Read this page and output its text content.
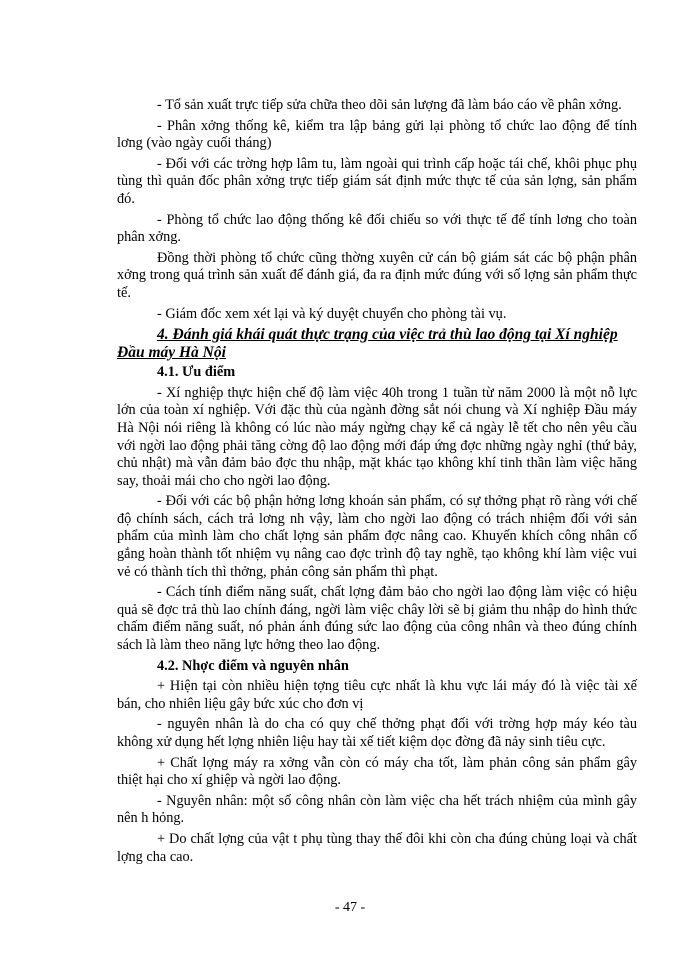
- Tổ sản xuất trực tiếp sửa chữa theo dõi sản lượng đã làm báo cáo về phân xởng.

- Phân xởng thống kê, kiểm tra lập bảng gửi lại phòng tổ chức lao động để tính lơng (vào ngày cuối tháng)

- Đối với các trờng hợp lâm tu, làm ngoài qui trình cấp hoặc tái chế, khôi phục phụ tùng thì quản đốc phân xởng trực tiếp giám sát định mức thực tế của sản lợng, sản phẩm đó.

- Phòng tổ chức lao động thống kê đối chiếu so với thực tế để tính lơng cho toàn phân xởng.

Đồng thời phòng tổ chức cũng thờng xuyên cử cán bộ giám sát các bộ phận phân xởng trong quá trình sản xuất để đánh giá, đa ra định mức đúng với số lợng sản phẩm thực tế.

- Giám đốc xem xét lại và ký duyệt chuyển cho phòng tài vụ.

4. Đánh giá khái quát thực trạng của việc trả thù lao động tại Xí nghiệp Đầu máy Hà Nội
4.1. Ưu điểm

- Xí nghiệp thực hiện chế độ làm việc 40h trong 1 tuần từ năm 2000 là một nỗ lực lớn của toàn xí nghiệp. Với đặc thù của ngành đờng sắt nói chung và Xí nghiệp Đầu máy Hà Nội nói riêng là không có lúc nào máy ngừng chạy kể cả ngày lễ tết cho nên yêu cầu với ngời lao động phải tăng cờng độ lao động mới đáp ứng đợc những ngày nghỉ (thứ bảy, chủ nhật) mà vẫn đảm bảo đợc thu nhập, mặt khác tạo không khí tinh thần làm việc hăng say, thoải mái cho cho ngời lao động.

- Đối với các bộ phận hởng lơng khoán sản phẩm, có sự thởng phạt rõ ràng với chế độ chính sách, cách trả lơng nh vậy, làm cho ngời lao động có trách nhiệm đối với sản phẩm của mình làm cho chất lợng sản phẩm đợc nâng cao. Khuyến khích công nhân cố gắng hoàn thành tốt nhiệm vụ nâng cao đợc trình độ tay nghề, tạo không khí làm việc vui vẻ có thành tích thì thởng, phản công sản phẩm thì phạt.

- Cách tính điểm năng suất, chất lợng đảm bảo cho ngời lao động làm việc có hiệu quả sẽ đợc trả thù lao chính đáng, ngời làm việc chây lời sẽ bị giảm thu nhập do hình thức chấm điểm năng suất, nó phản ánh đúng sức lao động của công nhân và theo đúng chính sách là làm theo năng lực hởng theo lao động.

4.2. Nhợc điểm và nguyên nhân

+ Hiện tại còn nhiều hiện tợng tiêu cực nhất là khu vực lái máy đó là việc tài xế bán, cho nhiên liệu gây bức xúc cho đơn vị

- nguyên nhân là do cha có quy chế thởng phạt đối với trờng hợp máy kéo tàu không xử dụng hết lợng nhiên liệu hay tài xế tiết kiệm dọc đờng đã nảy sinh tiêu cực.

+ Chất lợng máy ra xởng vẫn còn có máy cha tốt, làm phản công sản phẩm gây thiệt hại cho xí ghiệp và ngời lao động.

- Nguyên nhân: một số công nhân còn làm việc cha hết trách nhiệm của mình gây nên h hỏng.

+ Do chất lợng của vật t phụ tùng thay thế đôi khi còn cha đúng chủng loại và chất lợng cha cao.

- 47 -
